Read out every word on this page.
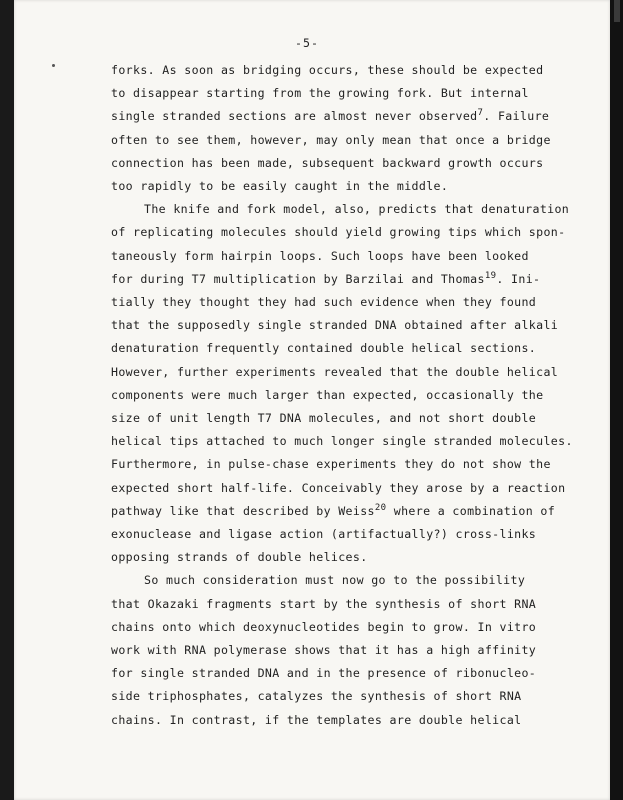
-5-
forks. As soon as bridging occurs, these should be expected
to disappear starting from the growing fork. But internal
single stranded sections are almost never observed$^7$. Failure
often to see them, however, may only mean that once a bridge
connection has been made, subsequent backward growth occurs
too rapidly to be easily caught in the middle.
The knife and fork model, also, predicts that denaturation
of replicating molecules should yield growing tips which spon-
taneously form hairpin loops. Such loops have been looked
for during T7 multiplication by Barzilai and Thomas$^{19}$. Ini-
tially they thought they had such evidence when they found
that the supposedly single stranded DNA obtained after alkali
denaturation frequently contained double helical sections.
However, further experiments revealed that the double helical
components were much larger than expected, occasionally the
size of unit length T7 DNA molecules, and not short double
helical tips attached to much longer single stranded molecules.
Furthermore, in pulse-chase experiments they do not show the
expected short half-life. Conceivably they arose by a reaction
pathway like that described by Weiss$^{20}$ where a combination of
exonuclease and ligase action (artifactually?) cross-links
opposing strands of double helices.
So much consideration must now go to the possibility
that Okazaki fragments start by the synthesis of short RNA
chains onto which deoxynucleotides begin to grow. In vitro
work with RNA polymerase shows that it has a high affinity
for single stranded DNA and in the presence of ribonucleo-
side triphosphates, catalyzes the synthesis of short RNA
chains. In contrast, if the templates are double helical
